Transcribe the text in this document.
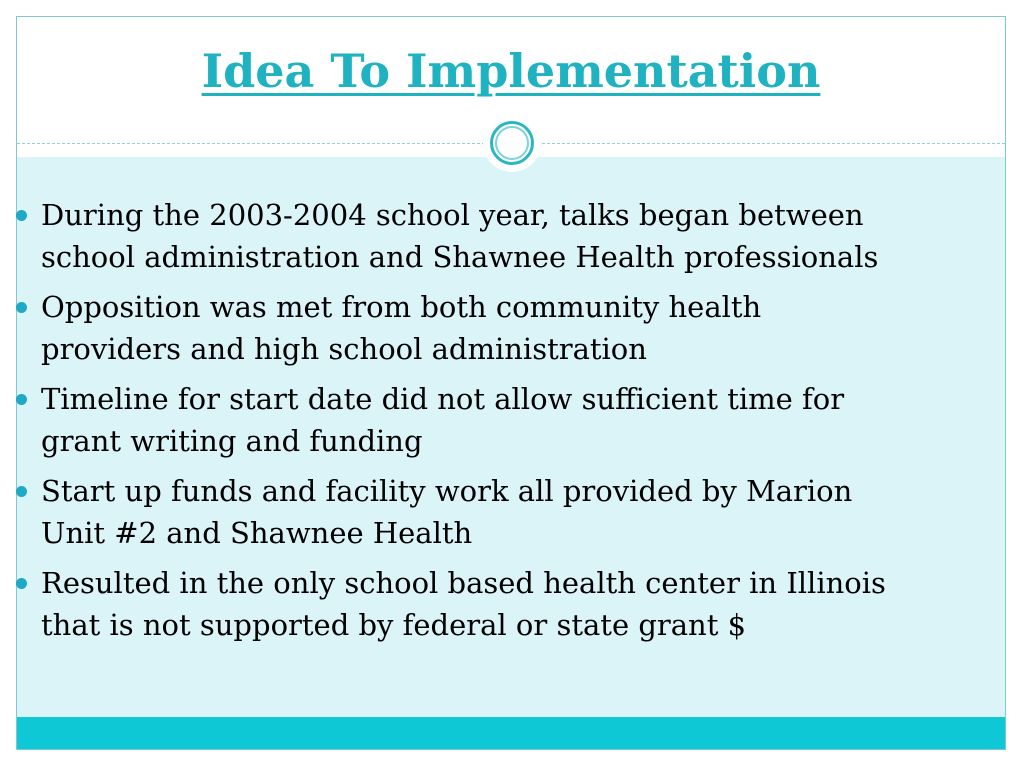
Idea To Implementation
During the 2003-2004 school year, talks began between
school administration and Shawnee Health professionals
Opposition was met from both community health
providers and high school administration
Timeline for start date did not allow sufficient time for
grant writing and funding
Start up funds and facility work all provided by Marion
Unit #2 and Shawnee Health
Resulted in the only school based health center in Illinois
that is not supported by federal or state grant $
